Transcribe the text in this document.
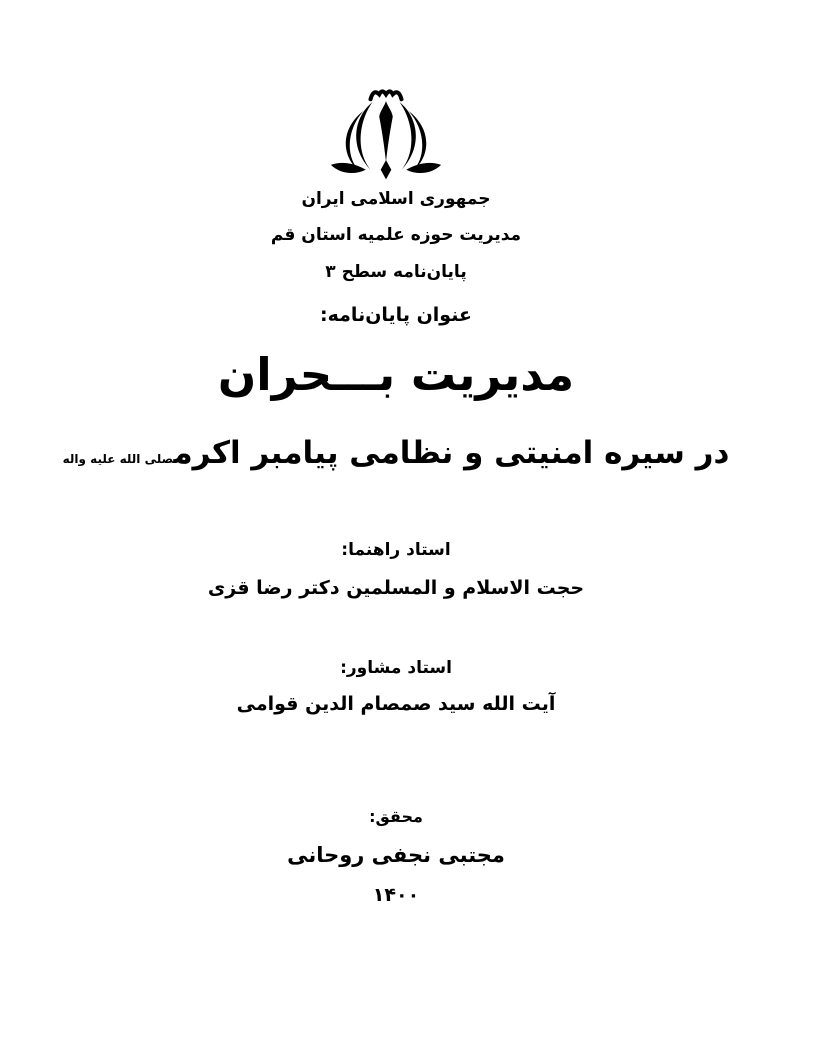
جمهوری اسلامی ایران
مدیریت حوزه علمیه استان قم
پایان‌نامه سطح ۳
عنوان پایان‌نامه:
مدیریت بـــحران
در سیره امنیتی و نظامی پیامبر اکرمصلی الله علیه واله
استاد راهنما:
حجت الاسلام و المسلمین دکتر رضا قزی
استاد مشاور:
آیت الله سید صمصام الدین قوامی
محقق:
مجتبی نجفی روحانی
۱۴۰۰
